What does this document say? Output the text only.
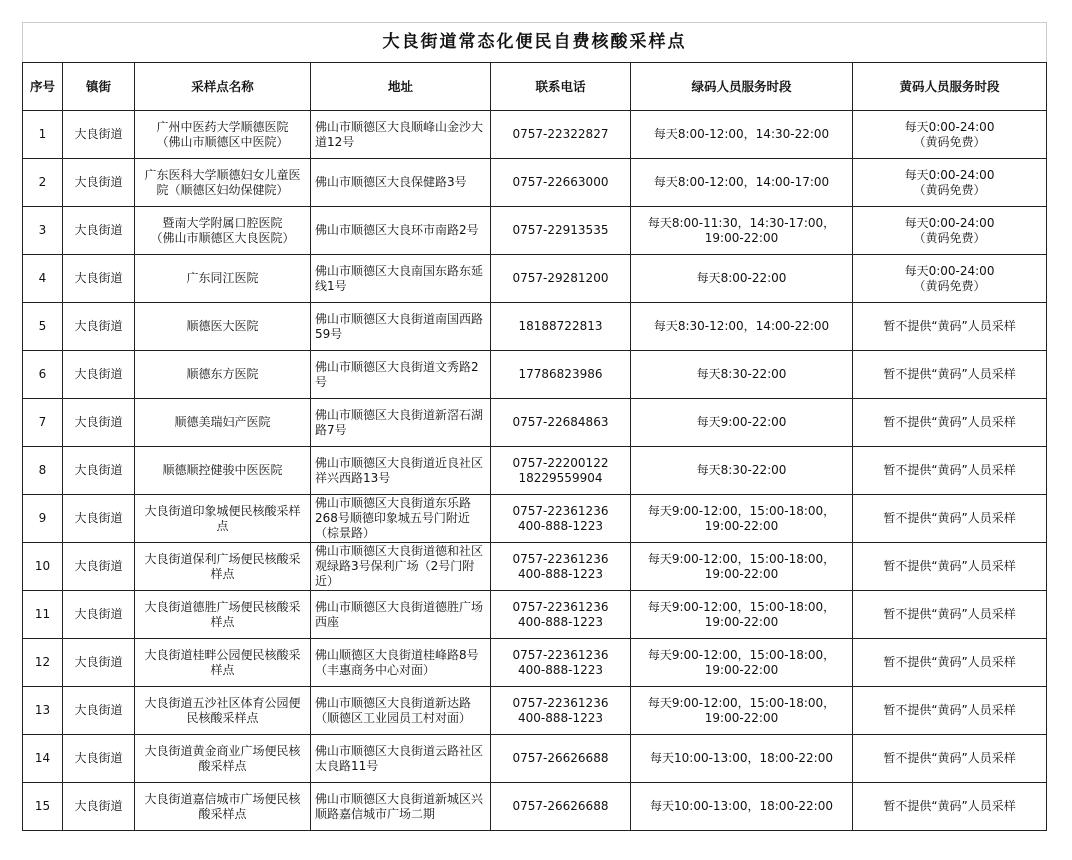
大良街道常态化便民自费核酸采样点						
序号	镇街	采样点名称	地址	联系电话	绿码人员服务时段	黄码人员服务时段
1	大良街道	广州中医药大学顺德医院
（佛山市顺德区中医院）	佛山市顺德区大良顺峰山金沙大道12号	0757-22322827	每天8:00-12:00，14:30-22:00	每天0:00-24:00
（黄码免费）
2	大良街道	广东医科大学顺德妇女儿童医院（顺德区妇幼保健院）	佛山市顺德区大良保健路3号	0757-22663000	每天8:00-12:00，14:00-17:00	每天0:00-24:00
（黄码免费）
3	大良街道	暨南大学附属口腔医院
（佛山市顺德区大良医院）	佛山市顺德区大良环市南路2号	0757-22913535	每天8:00-11:30，14:30-17:00，
19:00-22:00	每天0:00-24:00
（黄码免费）
4	大良街道	广东同江医院	佛山市顺德区大良南国东路东延线1号	0757-29281200	每天8:00-22:00	每天0:00-24:00
（黄码免费）
5	大良街道	顺德医大医院	佛山市顺德区大良街道南国西路59号	18188722813	每天8:30-12:00，14:00-22:00	暂不提供“黄码”人员采样
6	大良街道	顺德东方医院	佛山市顺德区大良街道文秀路2号	17786823986	每天8:30-22:00	暂不提供“黄码”人员采样
7	大良街道	顺德美瑞妇产医院	佛山市顺德区大良街道新滘石湖路7号	0757-22684863	每天9:00-22:00	暂不提供“黄码”人员采样
8	大良街道	顺德顺控健骏中医医院	佛山市顺德区大良街道近良社区祥兴西路13号	0757-22200122
18229559904	每天8:30-22:00	暂不提供“黄码”人员采样
9	大良街道	大良街道印象城便民核酸采样点	佛山市顺德区大良街道东乐路268号顺德印象城五号门附近（棕景路）	0757-22361236
400-888-1223	每天9:00-12:00，15:00-18:00，
19:00-22:00	暂不提供“黄码”人员采样
10	大良街道	大良街道保利广场便民核酸采样点	佛山市顺德区大良街道德和社区观绿路3号保利广场（2号门附近）	0757-22361236
400-888-1223	每天9:00-12:00，15:00-18:00，
19:00-22:00	暂不提供“黄码”人员采样
11	大良街道	大良街道德胜广场便民核酸采样点	佛山市顺德区大良街道德胜广场西座	0757-22361236
400-888-1223	每天9:00-12:00，15:00-18:00，
19:00-22:00	暂不提供“黄码”人员采样
12	大良街道	大良街道桂畔公园便民核酸采样点	佛山顺德区大良街道桂峰路8号（丰惠商务中心对面）	0757-22361236
400-888-1223	每天9:00-12:00，15:00-18:00，
19:00-22:00	暂不提供“黄码”人员采样
13	大良街道	大良街道五沙社区体育公园便民核酸采样点	佛山市顺德区大良街道新达路（顺德区工业园员工村对面）	0757-22361236
400-888-1223	每天9:00-12:00，15:00-18:00，
19:00-22:00	暂不提供“黄码”人员采样
14	大良街道	大良街道黄金商业广场便民核酸采样点	佛山市顺德区大良街道云路社区太良路11号	0757-26626688	每天10:00-13:00，18:00-22:00	暂不提供“黄码”人员采样
15	大良街道	大良街道嘉信城市广场便民核酸采样点	佛山市顺德区大良街道新城区兴顺路嘉信城市广场二期	0757-26626688	每天10:00-13:00，18:00-22:00	暂不提供“黄码”人员采样
